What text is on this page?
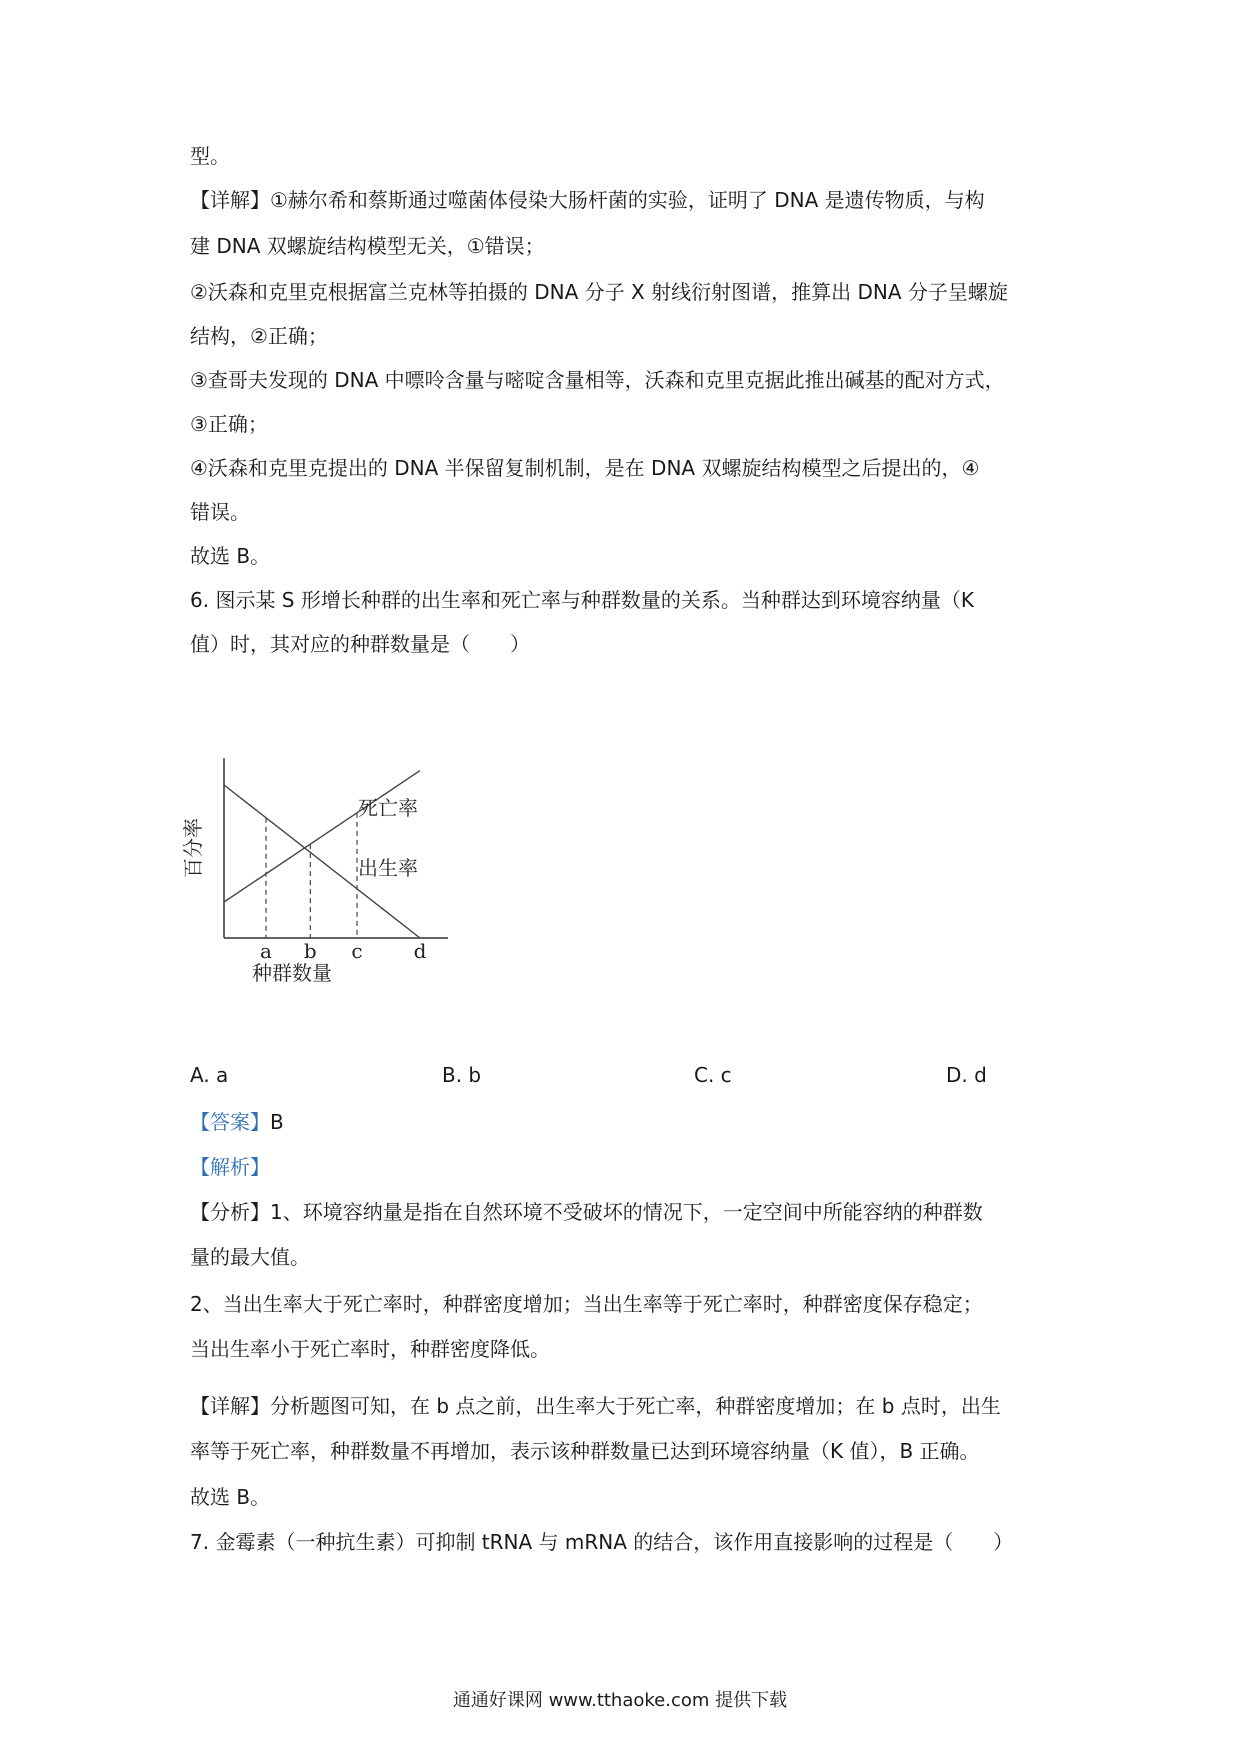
型。
【详解】①赫尔希和蔡斯通过噬菌体侵染大肠杆菌的实验，证明了 DNA 是遗传物质，与构
建 DNA 双螺旋结构模型无关，①错误；
②沃森和克里克根据富兰克林等拍摄的 DNA 分子 X 射线衍射图谱，推算出 DNA 分子呈螺旋
结构，②正确；
③查哥夫发现的 DNA 中嘌呤含量与嘧啶含量相等，沃森和克里克据此推出碱基的配对方式，
③正确；
④沃森和克里克提出的 DNA 半保留复制机制，是在 DNA 双螺旋结构模型之后提出的，④
错误。
故选 B。
6. 图示某 S 形增长种群的出生率和死亡率与种群数量的关系。当种群达到环境容纳量（K
值）时，其对应的种群数量是（　　）
a b c	d
百分率
种群数量
死亡率
出生率
A. a	B. b	C. c	D. d
【答案】B
【解析】
【分析】1、环境容纳量是指在自然环境不受破坏的情况下，一定空间中所能容纳的种群数
量的最大值。
2、当出生率大于死亡率时，种群密度增加；当出生率等于死亡率时，种群密度保存稳定；
当出生率小于死亡率时，种群密度降低。
【详解】分析题图可知，在 b 点之前，出生率大于死亡率，种群密度增加；在 b 点时，出生
率等于死亡率，种群数量不再增加，表示该种群数量已达到环境容纳量（K 值），B 正确。
故选 B。
7. 金霉素（一种抗生素）可抑制 tRNA 与 mRNA 的结合，该作用直接影响的过程是（　　）
通通好课网 www.tthaoke.com 提供下载
